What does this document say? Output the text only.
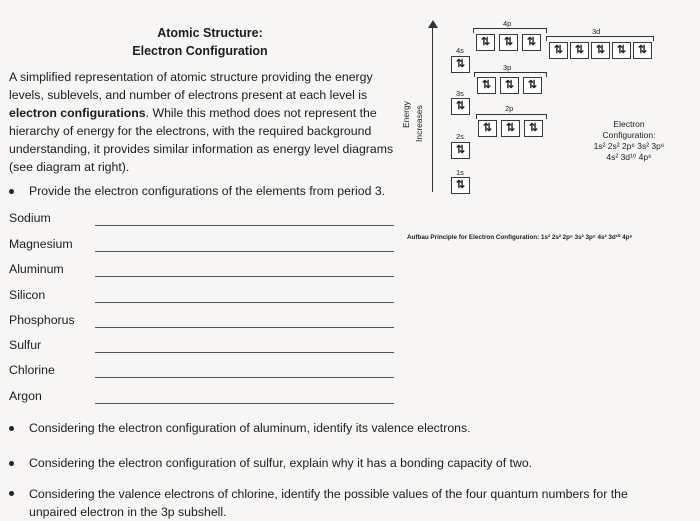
Atomic Structure:
Electron Configuration
A simplified representation of atomic structure providing the energy levels, sublevels, and number of electrons present at each level is electron configurations. While this method does not represent the hierarchy of energy for the electrons, with the required background understanding, it provides similar information as energy level diagrams (see diagram at right).
Provide the electron configurations of the elements from period 3.
Sodium
Magnesium
Aluminum
Silicon
Phosphorus
Sulfur
Chlorine
Argon
Energy Increases
1s
⇅
2s
⇅
2p
⇅	⇅	⇅
3s
⇅
3p
⇅	⇅	⇅
4s
⇅
4p
⇅	⇅	⇅
3d
⇅	⇅	⇅	⇅	⇅
Electron
Configuration:
1s² 2s² 2p⁶ 3s² 3p⁶
4s² 3d¹⁰ 4p⁶
Aufbau Principle for Electron Configuration: 1s² 2s² 2p⁶ 3s² 3p⁶ 4s² 3d¹⁰ 4p⁶
Considering the electron configuration of aluminum, identify its valence electrons.
Considering the electron configuration of sulfur, explain why it has a bonding capacity of two.
Considering the valence electrons of chlorine, identify the possible values of the four quantum numbers for the unpaired electron in the 3p subshell.
